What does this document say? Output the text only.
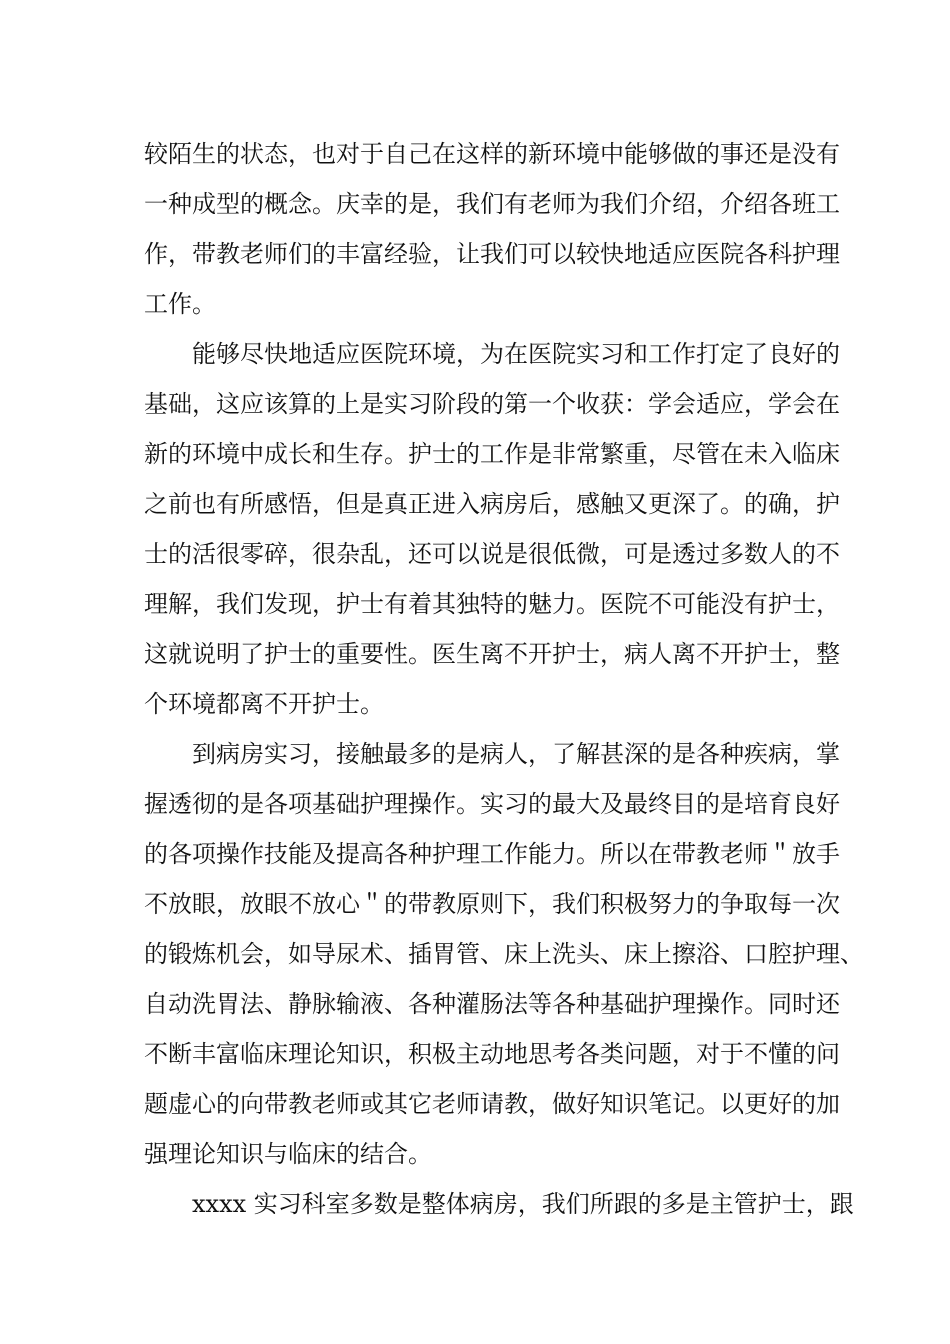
较陌生的状态，也对于自己在这样的新环境中能够做的事还是没有
一种成型的概念。庆幸的是，我们有老师为我们介绍，介绍各班工
作，带教老师们的丰富经验，让我们可以较快地适应医院各科护理
工作。
能够尽快地适应医院环境，为在医院实习和工作打定了良好的
基础，这应该算的上是实习阶段的第一个收获：学会适应，学会在
新的环境中成长和生存。护士的工作是非常繁重，尽管在未入临床
之前也有所感悟，但是真正进入病房后，感触又更深了。的确，护
士的活很零碎，很杂乱，还可以说是很低微，可是透过多数人的不
理解，我们发现，护士有着其独特的魅力。医院不可能没有护士，
这就说明了护士的重要性。医生离不开护士，病人离不开护士，整
个环境都离不开护士。
到病房实习，接触最多的是病人，了解甚深的是各种疾病，掌
握透彻的是各项基础护理操作。实习的最大及最终目的是培育良好
的各项操作技能及提高各种护理工作能力。所以在带教老师＂放手
不放眼，放眼不放心＂的带教原则下，我们积极努力的争取每一次
的锻炼机会，如导尿术、插胃管、床上洗头、床上擦浴、口腔护理、
自动洗胃法、静脉输液、各种灌肠法等各种基础护理操作。同时还
不断丰富临床理论知识，积极主动地思考各类问题，对于不懂的问
题虚心的向带教老师或其它老师请教，做好知识笔记。以更好的加
强理论知识与临床的结合。
xxxx 实习科室多数是整体病房，我们所跟的多是主管护士，跟
